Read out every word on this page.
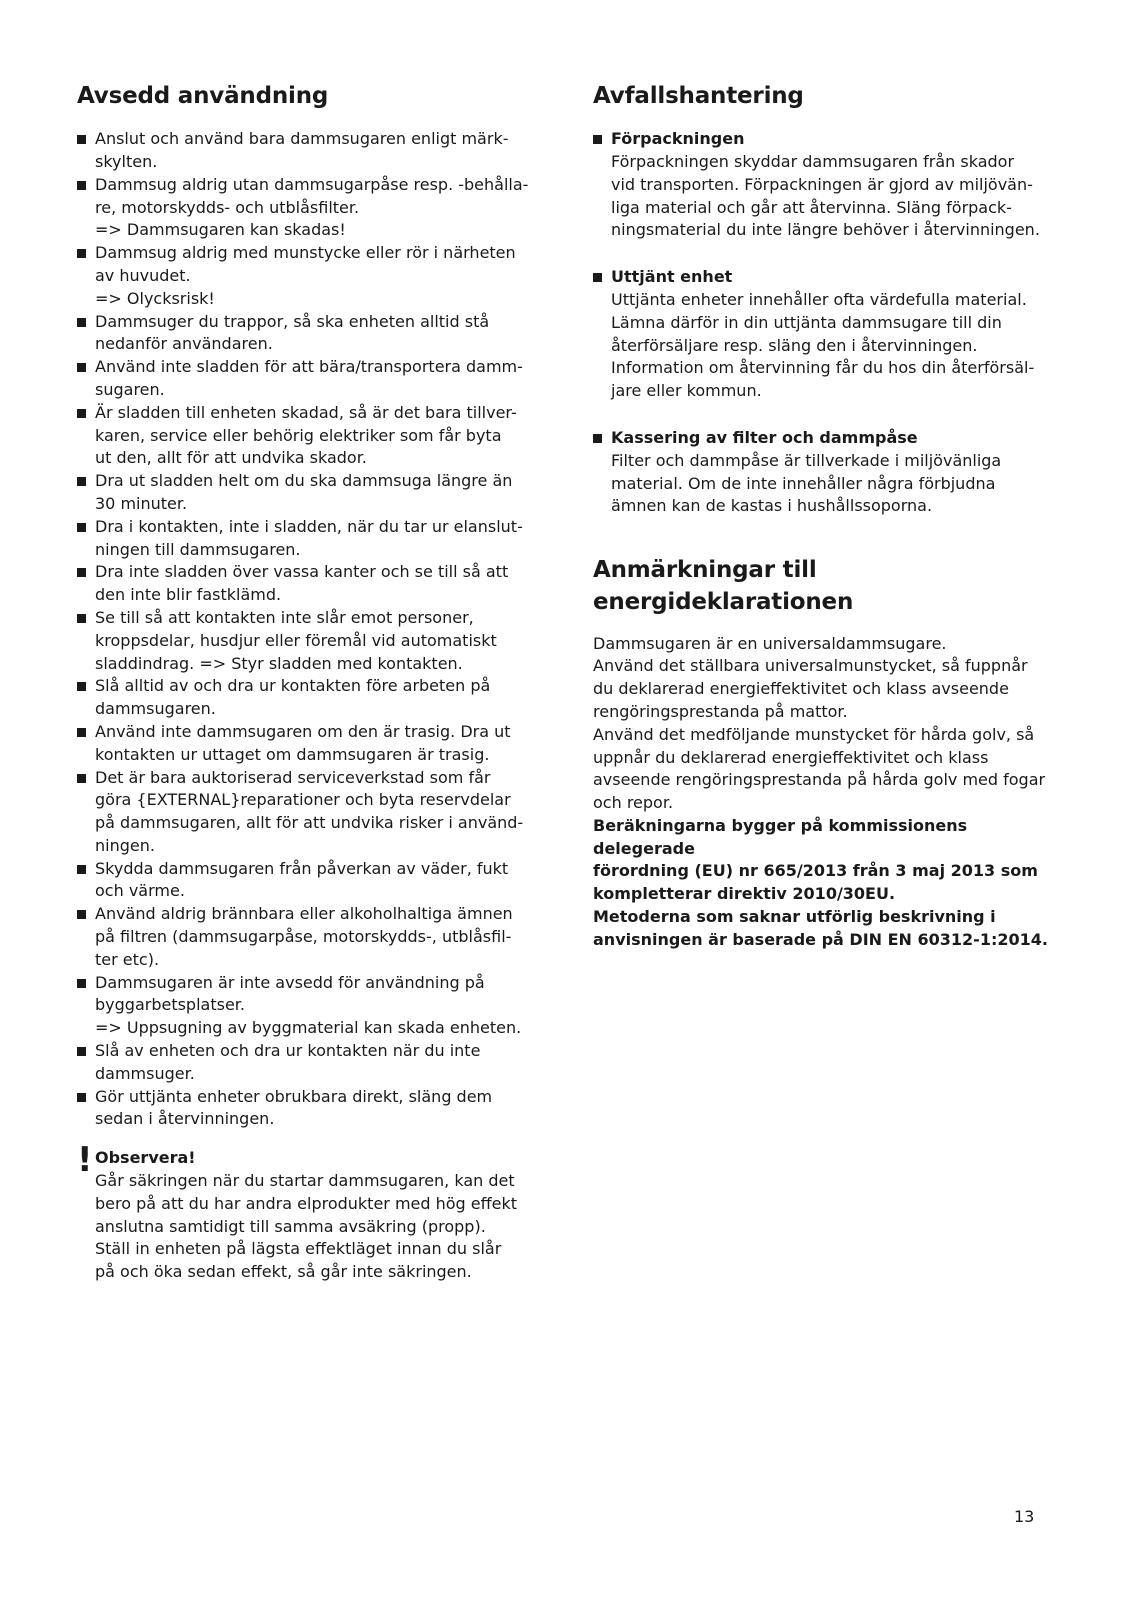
Avsedd användning
Anslut och använd bara dammsugaren enligt märk-
skylten.
Dammsug aldrig utan dammsugarpåse resp. -behålla-
re, motorskydds- och utblåsfilter.
=> Dammsugaren kan skadas!
Dammsug aldrig med munstycke eller rör i närheten
av huvudet.
=> Olycksrisk!
Dammsuger du trappor, så ska enheten alltid stå
nedanför användaren.
Använd inte sladden för att bära/transportera damm-
sugaren.
Är sladden till enheten skadad, så är det bara tillver-
karen, service eller behörig elektriker som får byta
ut den, allt för att undvika skador.
Dra ut sladden helt om du ska dammsuga längre än
30 minuter.
Dra i kontakten, inte i sladden, när du tar ur elanslut-
ningen till dammsugaren.
Dra inte sladden över vassa kanter och se till så att
den inte blir fastklämd.
Se till så att kontakten inte slår emot personer,
kroppsdelar, husdjur eller föremål vid automatiskt
sladdindrag. => Styr sladden med kontakten.
Slå alltid av och dra ur kontakten före arbeten på
dammsugaren.
Använd inte dammsugaren om den är trasig. Dra ut
kontakten ur uttaget om dammsugaren är trasig.
Det är bara auktoriserad serviceverkstad som får
göra {EXTERNAL}reparationer och byta reservdelar
på dammsugaren, allt för att undvika risker i använd-
ningen.
Skydda dammsugaren från påverkan av väder, fukt
och värme.
Använd aldrig brännbara eller alkoholhaltiga ämnen
på filtren (dammsugarpåse, motorskydds-, utblåsfil-
ter etc).
Dammsugaren är inte avsedd för användning på
byggarbetsplatser.
=> Uppsugning av byggmaterial kan skada enheten.
Slå av enheten och dra ur kontakten när du inte
dammsuger.
Gör uttjänta enheter obrukbara direkt, släng dem
sedan i återvinningen.
! Observera!
Går säkringen när du startar dammsugaren, kan det
bero på att du har andra elprodukter med hög effekt
anslutna samtidigt till samma avsäkring (propp).
Ställ in enheten på lägsta effektläget innan du slår
på och öka sedan effekt, så går inte säkringen.
Avfallshantering
Förpackningen
Förpackningen skyddar dammsugaren från skador
vid transporten. Förpackningen är gjord av miljövän-
liga material och går att återvinna. Släng förpack-
ningsmaterial du inte längre behöver i återvinningen.
Uttjänt enhet
Uttjänta enheter innehåller ofta värdefulla material.
Lämna därför in din uttjänta dammsugare till din
återförsäljare resp. släng den i återvinningen.
Information om återvinning får du hos din återförsäl-
jare eller kommun.
Kassering av filter och dammpåse
Filter och dammpåse är tillverkade i miljövänliga
material. Om de inte innehåller några förbjudna
ämnen kan de kastas i hushållssoporna.
Anmärkningar till energideklarationen
Dammsugaren är en universaldammsugare.
Använd det ställbara universalmunstycket, så fuppnår
du deklarerad energieffektivitet och klass avseende
rengöringsprestanda på mattor.
Använd det medföljande munstycket för hårda golv, så
uppnår du deklarerad energieffektivitet och klass
avseende rengöringsprestanda på hårda golv med fogar
och repor.
Beräkningarna bygger på kommissionens delegerade
förordning (EU) nr 665/2013 från 3 maj 2013 som
kompletterar direktiv 2010/30EU.
Metoderna som saknar utförlig beskrivning i
anvisningen är baserade på DIN EN 60312-1:2014.
13
